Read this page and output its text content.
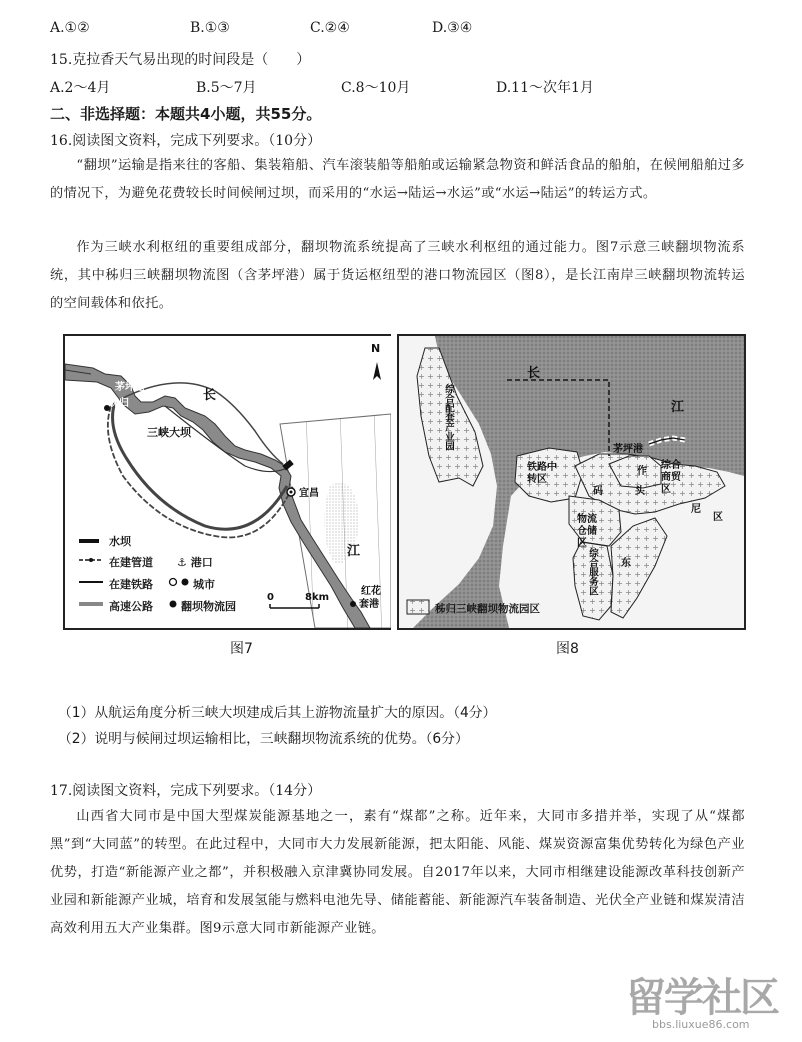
A.①②	B.①③	C.②④	D.③④
15.克拉香天气易出现的时间段是（　　）
A.2～4月	B.5～7月	C.8～10月	D.11～次年1月
二、非选择题：本题共4小题，共55分。
16.阅读图文资料，完成下列要求。（10分）

“翻坝”运输是指来往的客船、集装箱船、汽车滚装船等船舶或运输紧急物资和鲜活食品的船舶，在候闸船舶过多的情况下，为避免花费较长时间候闸过坝，而采用的“水运→陆运→水运”或“水运→陆运”的转运方式。

作为三峡水利枢纽的重要组成部分，翻坝物流系统提高了三峡水利枢纽的通过能力。图7示意三峡翻坝物流系统，其中秭归三峡翻坝物流图（含茅坪港）属于货运枢纽型的港口物流园区（图8），是长江南岸三峡翻坝物流转运的空间载体和依托。

N
茅坪港
秭归
长
三峡大坝
宜昌
江
红花
套港
水坝
在建管道 ⚓ 港口
在建铁路	城市
高速公路	翻坝物流园
0	8km
图7
长
江
茅坪港
综合配套产业园
铁路中转区
码	头
作
综合商贸区
物流仓储区
综合服务区 东
尼
区
秭归三峡翻坝物流园区
图8
（1）从航运角度分析三峡大坝建成后其上游物流量扩大的原因。（4分）
（2）说明与候闸过坝运输相比，三峡翻坝物流系统的优势。（6分）
17.阅读图文资料，完成下列要求。（14分）

山西省大同市是中国大型煤炭能源基地之一，素有“煤都”之称。近年来，大同市多措并举，实现了从“煤都黑”到“大同蓝”的转型。在此过程中，大同市大力发展新能源，把太阳能、风能、煤炭资源富集优势转化为绿色产业优势，打造“新能源产业之都”，并积极融入京津冀协同发展。自2017年以来，大同市相继建设能源改革科技创新产业园和新能源产业城，培育和发展氢能与燃料电池先导、储能蓄能、新能源汽车装备制造、光伏全产业链和煤炭清洁高效利用五大产业集群。图9示意大同市新能源产业链。

留学社区
bbs.liuxue86.com
